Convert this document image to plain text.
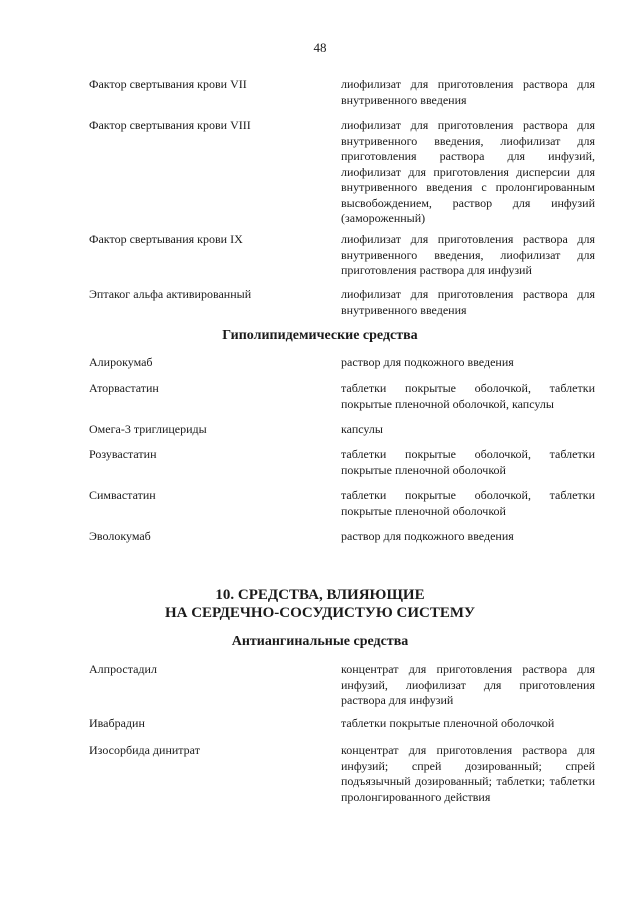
48
Фактор свертывания крови VII	лиофилизат для приготовления раствора для внутривенного введения
Фактор свертывания крови VIII	лиофилизат для приготовления раствора для внутривенного введения, лиофилизат для приготовления раствора для инфузий, лиофилизат для приготовления дисперсии для внутривенного введения с пролонгированным высвобождением, раствор для инфузий (замороженный)
Фактор свертывания крови IX	лиофилизат для приготовления раствора для внутривенного введения, лиофилизат для приготовления раствора для инфузий
Эптаког альфа активированный	лиофилизат для приготовления раствора для внутривенного введения
Гиполипидемические средства
Алирокумаб	раствор для подкожного введения
Аторвастатин	таблетки покрытые оболочкой, таблетки покрытые пленочной оболочкой, капсулы
Омега-3 триглицериды	капсулы
Розувастатин	таблетки покрытые оболочкой, таблетки покрытые пленочной оболочкой
Симвастатин	таблетки покрытые оболочкой, таблетки покрытые пленочной оболочкой
Эволокумаб	раствор для подкожного введения
10. СРЕДСТВА, ВЛИЯЮЩИЕ
НА СЕРДЕЧНО-СОСУДИСТУЮ СИСТЕМУ
Антиангинальные средства
Алпростадил	концентрат для приготовления раствора для инфузий, лиофилизат для приготовления раствора для инфузий
Ивабрадин	таблетки покрытые пленочной оболочкой
Изосорбида динитрат	концентрат для приготовления раствора для инфузий; спрей дозированный; спрей подъязычный дозированный; таблетки; таблетки пролонгированного действия
